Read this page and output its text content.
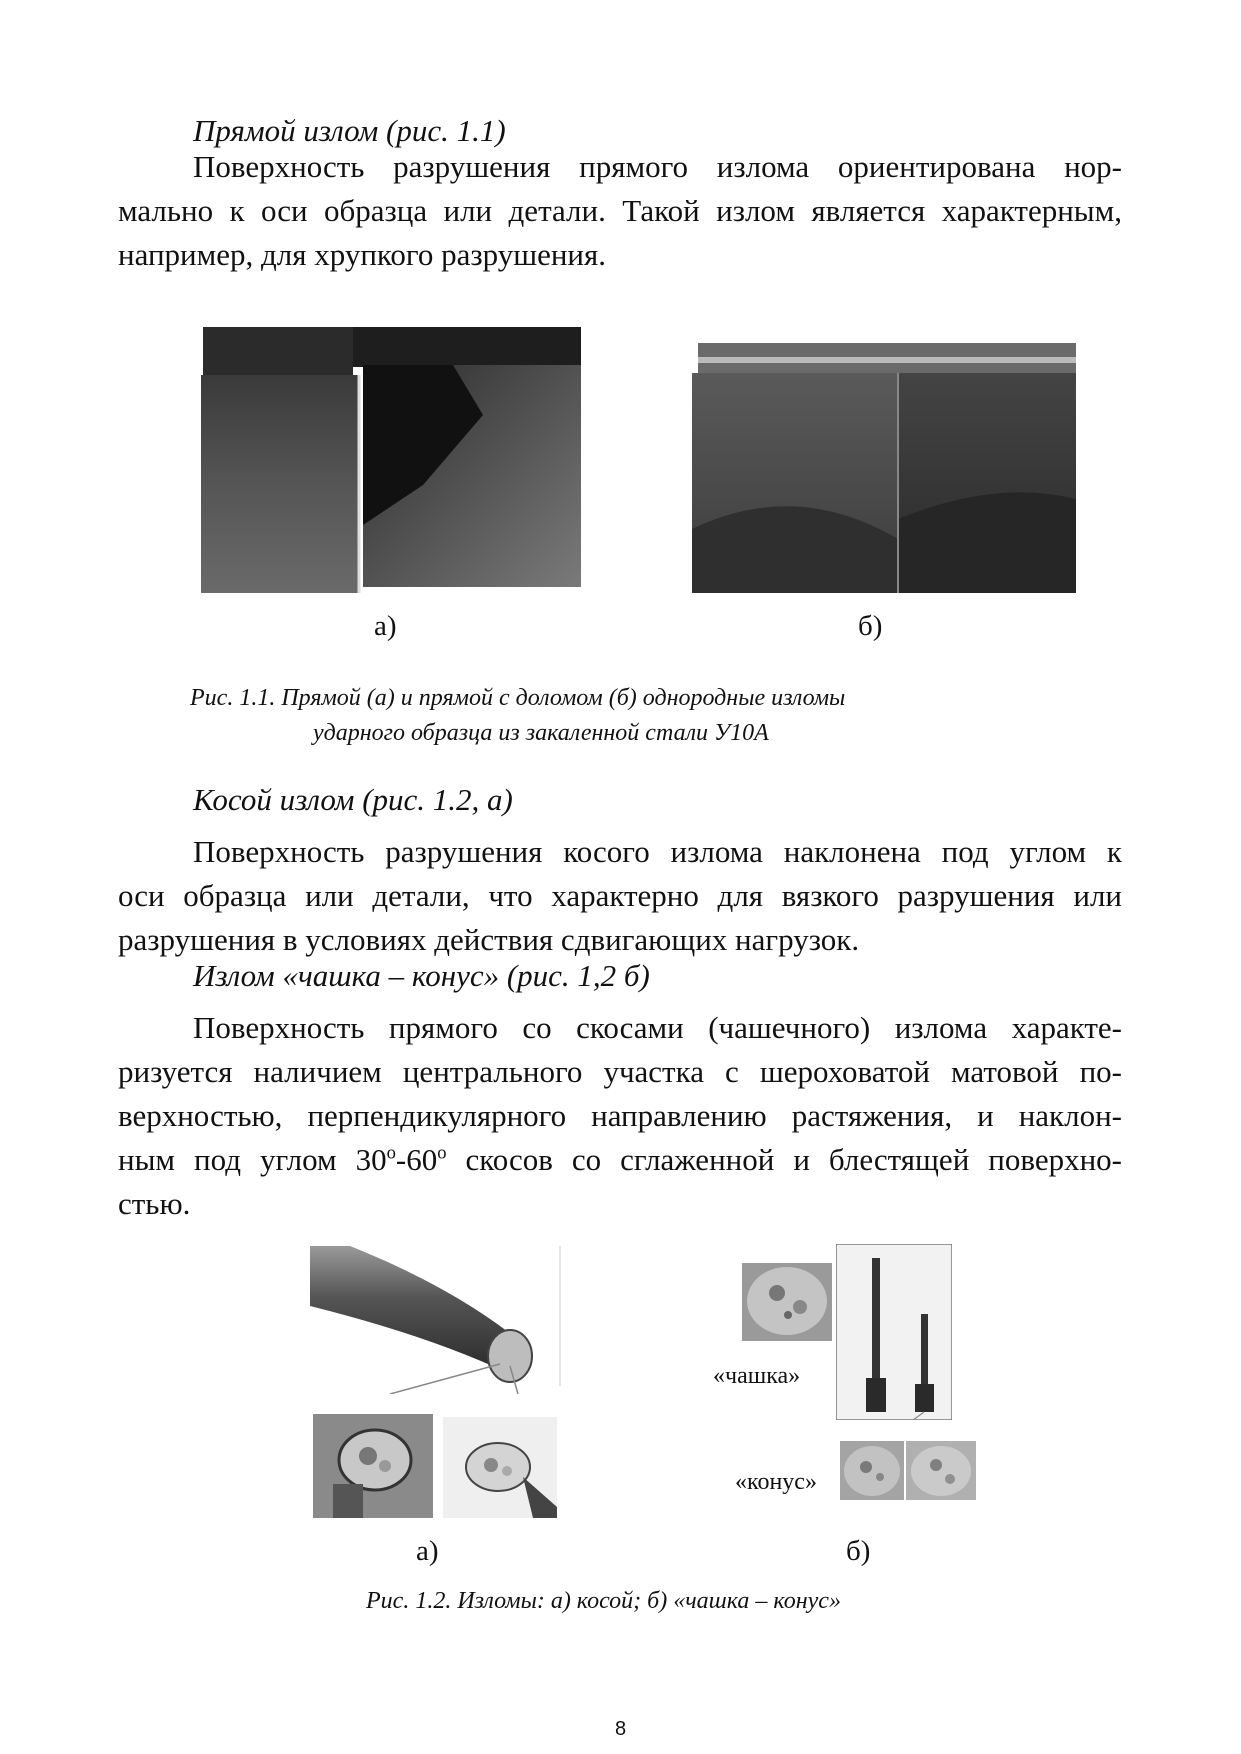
Прямой излом (рис. 1.1)
Поверхность разрушения прямого излома ориентирована нор-
мально к оси образца или детали. Такой излом является характерным,
например, для хрупкого разрушения.
а)	б)
Рис. 1.1. Прямой (а) и прямой с доломом (б) однородные изломы
ударного образца из закаленной стали У10А
Косой излом (рис. 1.2, а)
Поверхность разрушения косого излома наклонена под углом к
оси образца или детали, что характерно для вязкого разрушения или
разрушения в условиях действия сдвигающих нагрузок.
Излом «чашка – конус» (рис. 1,2 б)
Поверхность прямого со скосами (чашечного) излома характе-
ризуется наличием центрального участка с шероховатой матовой по-
верхностью, перпендикулярного направлению растяжения, и наклон-
ным под углом $30^о-60^о$ скосов со сглаженной и блестящей поверхно-
стью.
«чашка»
«конус»
а)	б)
Рис. 1.2. Изломы: а) косой; б) «чашка – конус»
8
